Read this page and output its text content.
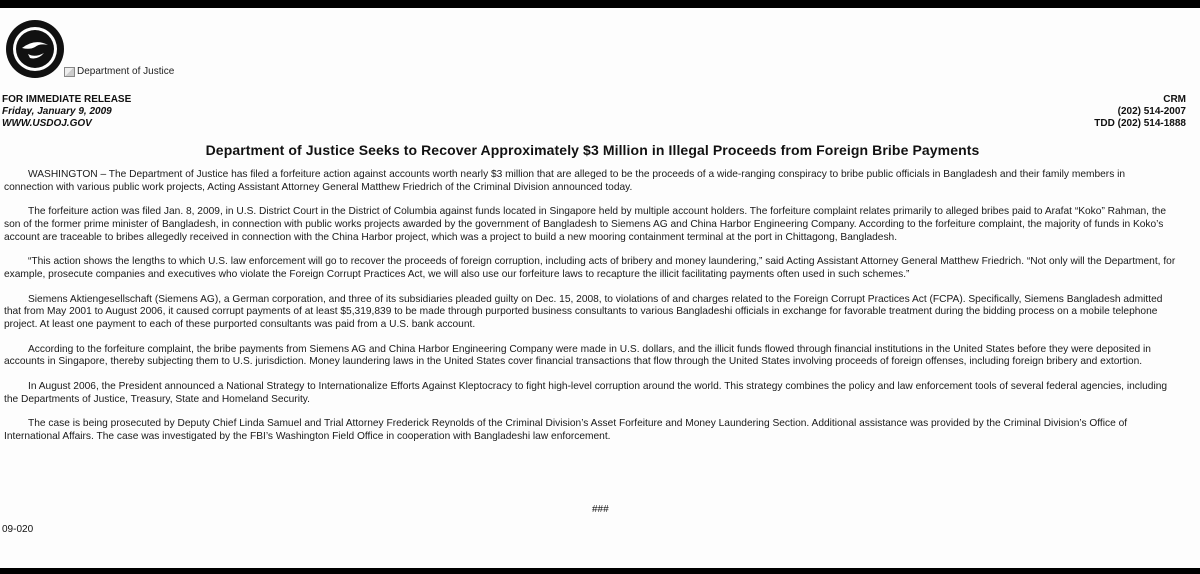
Department of Justice
FOR IMMEDIATE RELEASE
Friday, January 9, 2009
WWW.USDOJ.GOV
CRM
(202) 514-2007
TDD (202) 514-1888
Department of Justice Seeks to Recover Approximately $3 Million in Illegal Proceeds from Foreign Bribe Payments

WASHINGTON – The Department of Justice has filed a forfeiture action against accounts worth nearly $3 million that are alleged to be the proceeds of a wide-ranging conspiracy to bribe public officials in Bangladesh and their family members in connection with various public work projects, Acting Assistant Attorney General Matthew Friedrich of the Criminal Division announced today.

The forfeiture action was filed Jan. 8, 2009, in U.S. District Court in the District of Columbia against funds located in Singapore held by multiple account holders. The forfeiture complaint relates primarily to alleged bribes paid to Arafat “Koko” Rahman, the son of the former prime minister of Bangladesh, in connection with public works projects awarded by the government of Bangladesh to Siemens AG and China Harbor Engineering Company. According to the forfeiture complaint, the majority of funds in Koko’s account are traceable to bribes allegedly received in connection with the China Harbor project, which was a project to build a new mooring containment terminal at the port in Chittagong, Bangladesh.

“This action shows the lengths to which U.S. law enforcement will go to recover the proceeds of foreign corruption, including acts of bribery and money laundering,” said Acting Assistant Attorney General Matthew Friedrich. “Not only will the Department, for example, prosecute companies and executives who violate the Foreign Corrupt Practices Act, we will also use our forfeiture laws to recapture the illicit facilitating payments often used in such schemes.”

Siemens Aktiengesellschaft (Siemens AG), a German corporation, and three of its subsidiaries pleaded guilty on Dec. 15, 2008, to violations of and charges related to the Foreign Corrupt Practices Act (FCPA). Specifically, Siemens Bangladesh admitted that from May 2001 to August 2006, it caused corrupt payments of at least $5,319,839 to be made through purported business consultants to various Bangladeshi officials in exchange for favorable treatment during the bidding process on a mobile telephone project. At least one payment to each of these purported consultants was paid from a U.S. bank account.

According to the forfeiture complaint, the bribe payments from Siemens AG and China Harbor Engineering Company were made in U.S. dollars, and the illicit funds flowed through financial institutions in the United States before they were deposited in accounts in Singapore, thereby subjecting them to U.S. jurisdiction. Money laundering laws in the United States cover financial transactions that flow through the United States involving proceeds of foreign offenses, including foreign bribery and extortion.

In August 2006, the President announced a National Strategy to Internationalize Efforts Against Kleptocracy to fight high-level corruption around the world. This strategy combines the policy and law enforcement tools of several federal agencies, including the Departments of Justice, Treasury, State and Homeland Security.

The case is being prosecuted by Deputy Chief Linda Samuel and Trial Attorney Frederick Reynolds of the Criminal Division’s Asset Forfeiture and Money Laundering Section. Additional assistance was provided by the Criminal Division’s Office of International Affairs. The case was investigated by the FBI’s Washington Field Office in cooperation with Bangladeshi law enforcement.

###
09-020
